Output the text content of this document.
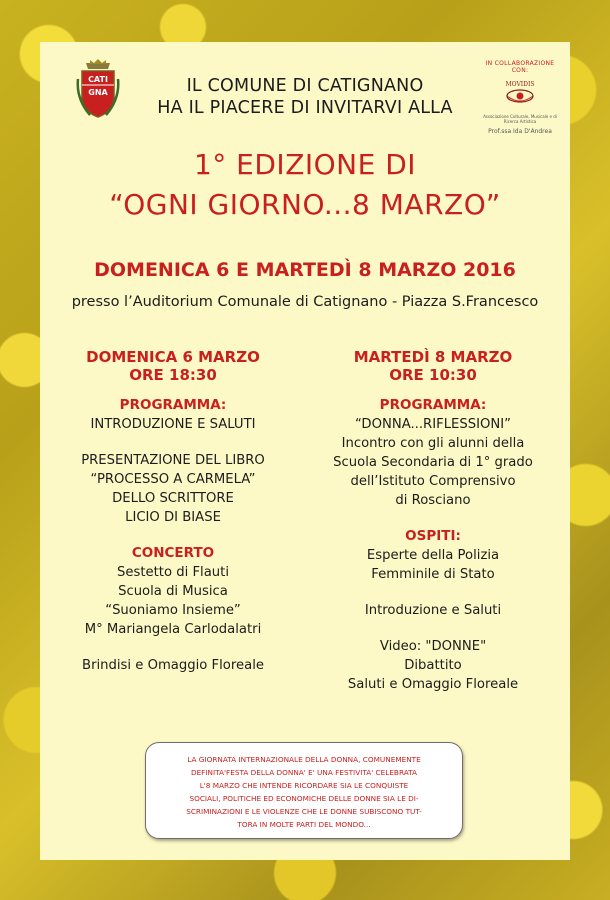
CATI
GNA	IL COMUNE DI CATIGNANO
HA IL PIACERE DI INVITARVI ALLA
IN COLLABORAZIONE CON:
MOVIDIS
Associazione Culturale, Musicale e di Ricerca Artistica
Prof.ssa Ida D'Andrea
1° EDIZIONE DI
“OGNI GIORNO...8 MARZO”
DOMENICA 6 E MARTEDÌ 8 MARZO 2016
presso l’Auditorium Comunale di Catignano - Piazza S.Francesco
DOMENICA 6 MARZO
ORE 18:30
PROGRAMMA:
INTRODUZIONE E SALUTI
PRESENTAZIONE DEL LIBRO
“PROCESSO A CARMELA”
DELLO SCRITTORE
LICIO DI BIASE
CONCERTO
Sestetto di Flauti
Scuola di Musica
“Suoniamo Insieme”
M° Mariangela Carlodalatri
Brindisi e Omaggio Floreale
MARTEDÌ 8 MARZO
ORE 10:30
PROGRAMMA:
“DONNA...RIFLESSIONI”
Incontro con gli alunni della
Scuola Secondaria di 1° grado
dell’Istituto Comprensivo
di Rosciano
OSPITI:
Esperte della Polizia
Femminile di Stato
Introduzione e Saluti
Video: "DONNE"
Dibattito
Saluti e Omaggio Floreale
LA GIORNATA INTERNAZIONALE DELLA DONNA, COMUNEMENTE
DEFINITA'FESTA DELLA DONNA' E' UNA FESTIVITA' CELEBRATA
L'8 MARZO CHE INTENDE RICORDARE SIA LE CONQUISTE
SOCIALI, POLITICHE ED ECONOMICHE DELLE DONNE SIA LE DI-
SCRIMINAZIONI E LE VIOLENZE CHE LE DONNE SUBISCONO TUT-
TORA IN MOLTE PARTI DEL MONDO...
